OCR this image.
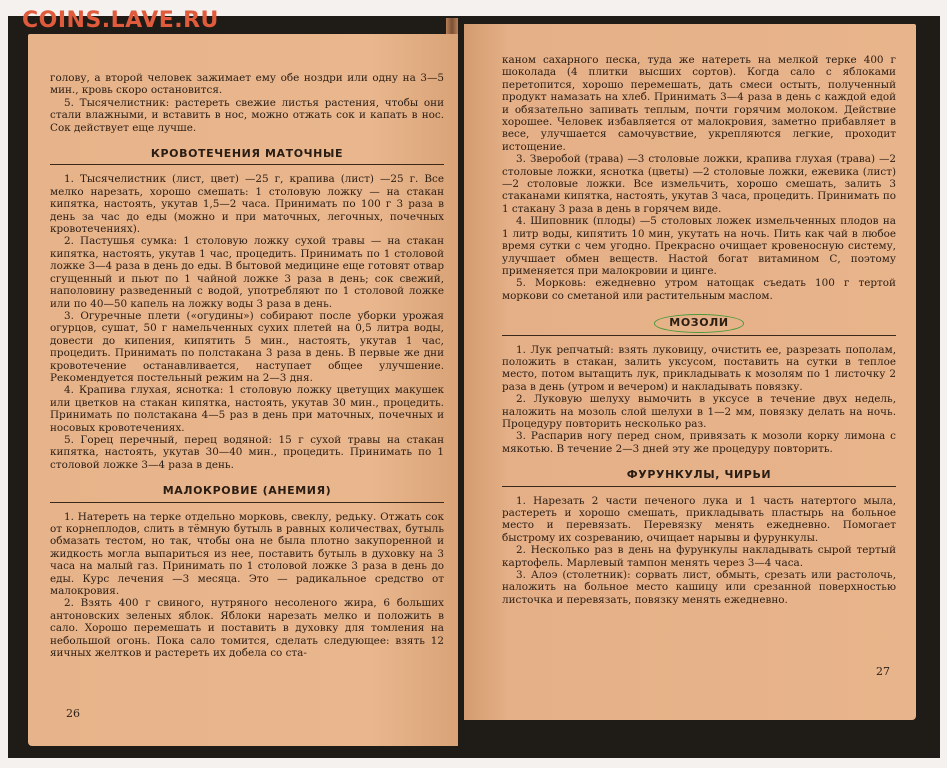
COINS.LAVE.RU

голову, а второй человек зажимает ему обе ноздри или одну на 3—5 мин., кровь скоро остановится.

5. Тысячелистник: растереть свежие листья растения, чтобы они стали влажными, и вставить в нос, можно отжать сок и капать в нос. Сок действует еще лучше.

КРОВОТЕЧЕНИЯ МАТОЧНЫЕ

1. Тысячелистник (лист, цвет) —25 г, крапива (лист) —25 г. Все мелко нарезать, хорошо смешать: 1 столовую ложку — на стакан кипятка, настоять, укутав 1,5—2 часа. Принимать по 100 г 3 раза в день за час до еды (можно и при маточных, легочных, почечных кровотечениях).

2. Пастушья сумка: 1 столовую ложку сухой травы — на стакан кипятка, настоять, укутав 1 час, процедить. Принимать по 1 столовой ложке 3—4 раза в день до еды. В бытовой медицине еще готовят отвар сгущенный и пьют по 1 чайной ложке 3 раза в день; сок свежий, наполовину разведенный с водой, употребляют по 1 столовой ложке или по 40—50 капель на ложку воды 3 раза в день.

3. Огуречные плети («огудины») собирают после уборки урожая огурцов, сушат, 50 г намельченных сухих плетей на 0,5 литра воды, довести до кипения, кипятить 5 мин., настоять, укутав 1 час, процедить. Принимать по полстакана 3 раза в день. В первые же дни кровотечение останавливается, наступает общее улучшение. Рекомендуется постельный режим на 2—3 дня.

4. Крапива глухая, яснотка: 1 столовую ложку цветущих макушек или цветков на стакан кипятка, настоять, укутав 30 мин., процедить. Принимать по полстакана 4—5 раз в день при маточных, почечных и носовых кровотечениях.

5. Горец перечный, перец водяной: 15 г сухой травы на стакан кипятка, настоять, укутав 30—40 мин., процедить. Принимать по 1 столовой ложке 3—4 раза в день.

МАЛОКРОВИЕ (АНЕМИЯ)

1. Натереть на терке отдельно морковь, свеклу, редьку. Отжать сок от корнеплодов, слить в тёмную бутыль в равных количествах, бутыль обмазать тестом, но так, чтобы она не была плотно закупоренной и жидкость могла выпариться из нее, поставить бутыль в духовку на 3 часа на малый газ. Принимать по 1 столовой ложке 3 раза в день до еды. Курс лечения —3 месяца. Это — радикальное средство от малокровия.

2. Взять 400 г свиного, нутряного несоленого жира, 6 больших антоновских зеленых яблок. Яблоки нарезать мелко и положить в сало. Хорошо перемешать и поставить в духовку для томления на небольшой огонь. Пока сало томится, сделать следующее: взять 12 яичных желтков и растереть их добела со ста-

26

каном сахарного песка, туда же натереть на мелкой терке 400 г шоколада (4 плитки высших сортов). Когда сало с яблоками перетопится, хорошо перемешать, дать смеси остыть, полученный продукт намазать на хлеб. Принимать 3—4 раза в день с каждой едой и обязательно запивать теплым, почти горячим молоком. Действие хорошее. Человек избавляется от малокровия, заметно прибавляет в весе, улучшается самочувствие, укрепляются легкие, проходит истощение.

3. Зверобой (трава) —3 столовые ложки, крапива глухая (трава) —2 столовые ложки, яснотка (цветы) —2 столовые ложки, ежевика (лист) —2 столовые ложки. Все измельчить, хорошо смешать, залить 3 стаканами кипятка, настоять, укутав 3 часа, процедить. Принимать по 1 стакану 3 раза в день в горячем виде.

4. Шиповник (плоды) —5 столовых ложек измельченных плодов на 1 литр воды, кипятить 10 мин, укутать на ночь. Пить как чай в любое время сутки с чем угодно. Прекрасно очищает кровеносную систему, улучшает обмен веществ. Настой богат витамином С, поэтому применяется при малокровии и цинге.

5. Морковь: ежедневно утром натощак съедать 100 г тертой моркови со сметаной или растительным маслом.

МОЗОЛИ

1. Лук репчатый: взять луковицу, очистить ее, разрезать пополам, положить в стакан, залить уксусом, поставить на сутки в теплое место, потом вытащить лук, прикладывать к мозолям по 1 листочку 2 раза в день (утром и вечером) и накладывать повязку.

2. Луковую шелуху вымочить в уксусе в течение двух недель, наложить на мозоль слой шелухи в 1—2 мм, повязку делать на ночь. Процедуру повторить несколько раз.

3. Распарив ногу перед сном, привязать к мозоли корку лимона с мякотью. В течение 2—3 дней эту же процедуру повторить.

ФУРУНКУЛЫ, ЧИРЬИ

1. Нарезать 2 части печеного лука и 1 часть натертого мыла, растереть и хорошо смешать, прикладывать пластырь на больное место и перевязать. Перевязку менять ежедневно. Помогает быстрому их созреванию, очищает нарывы и фурункулы.

2. Несколько раз в день на фурункулы накладывать сырой тертый картофель. Марлевый тампон менять через 3—4 часа.

3. Алоэ (столетник): сорвать лист, обмыть, срезать или растолочь, наложить на больное место кашицу или срезанной поверхностью листочка и перевязать, повязку менять ежедневно.

27
